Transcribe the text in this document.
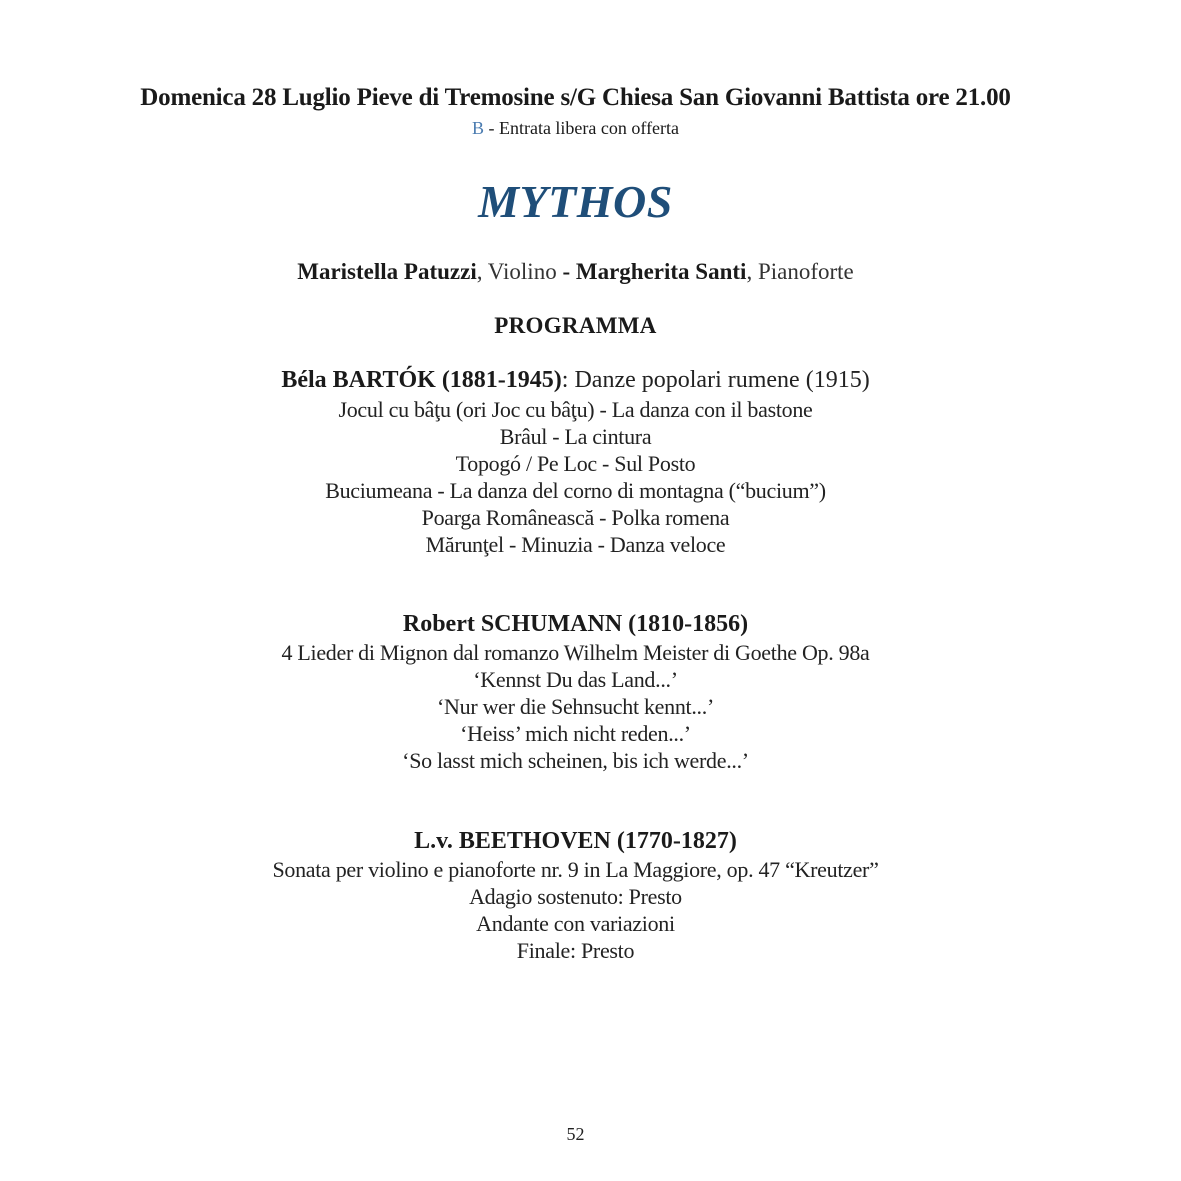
Domenica 28 Luglio Pieve di Tremosine s/G Chiesa San Giovanni Battista ore 21.00
B - Entrata libera con offerta
MYTHOS
Maristella Patuzzi, Violino - Margherita Santi, Pianoforte
PROGRAMMA
Béla BARTÓK (1881-1945): Danze popolari rumene (1915)
Jocul cu bâţu (ori Joc cu bâţu) - La danza con il bastone
Brâul - La cintura
Topogó / Pe Loc - Sul Posto
Buciumeana - La danza del corno di montagna (“bucium”)
Poarga Românească - Polka romena
Mărunţel - Minuzia - Danza veloce
Robert SCHUMANN (1810-1856)
4 Lieder di Mignon dal romanzo Wilhelm Meister di Goethe Op. 98a
‘Kennst Du das Land...’
‘Nur wer die Sehnsucht kennt...’
‘Heiss’ mich nicht reden...’
‘So lasst mich scheinen, bis ich werde...’
L.v. BEETHOVEN (1770-1827)
Sonata per violino e pianoforte nr. 9 in La Maggiore, op. 47 “Kreutzer”
Adagio sostenuto: Presto
Andante con variazioni
Finale: Presto
52
